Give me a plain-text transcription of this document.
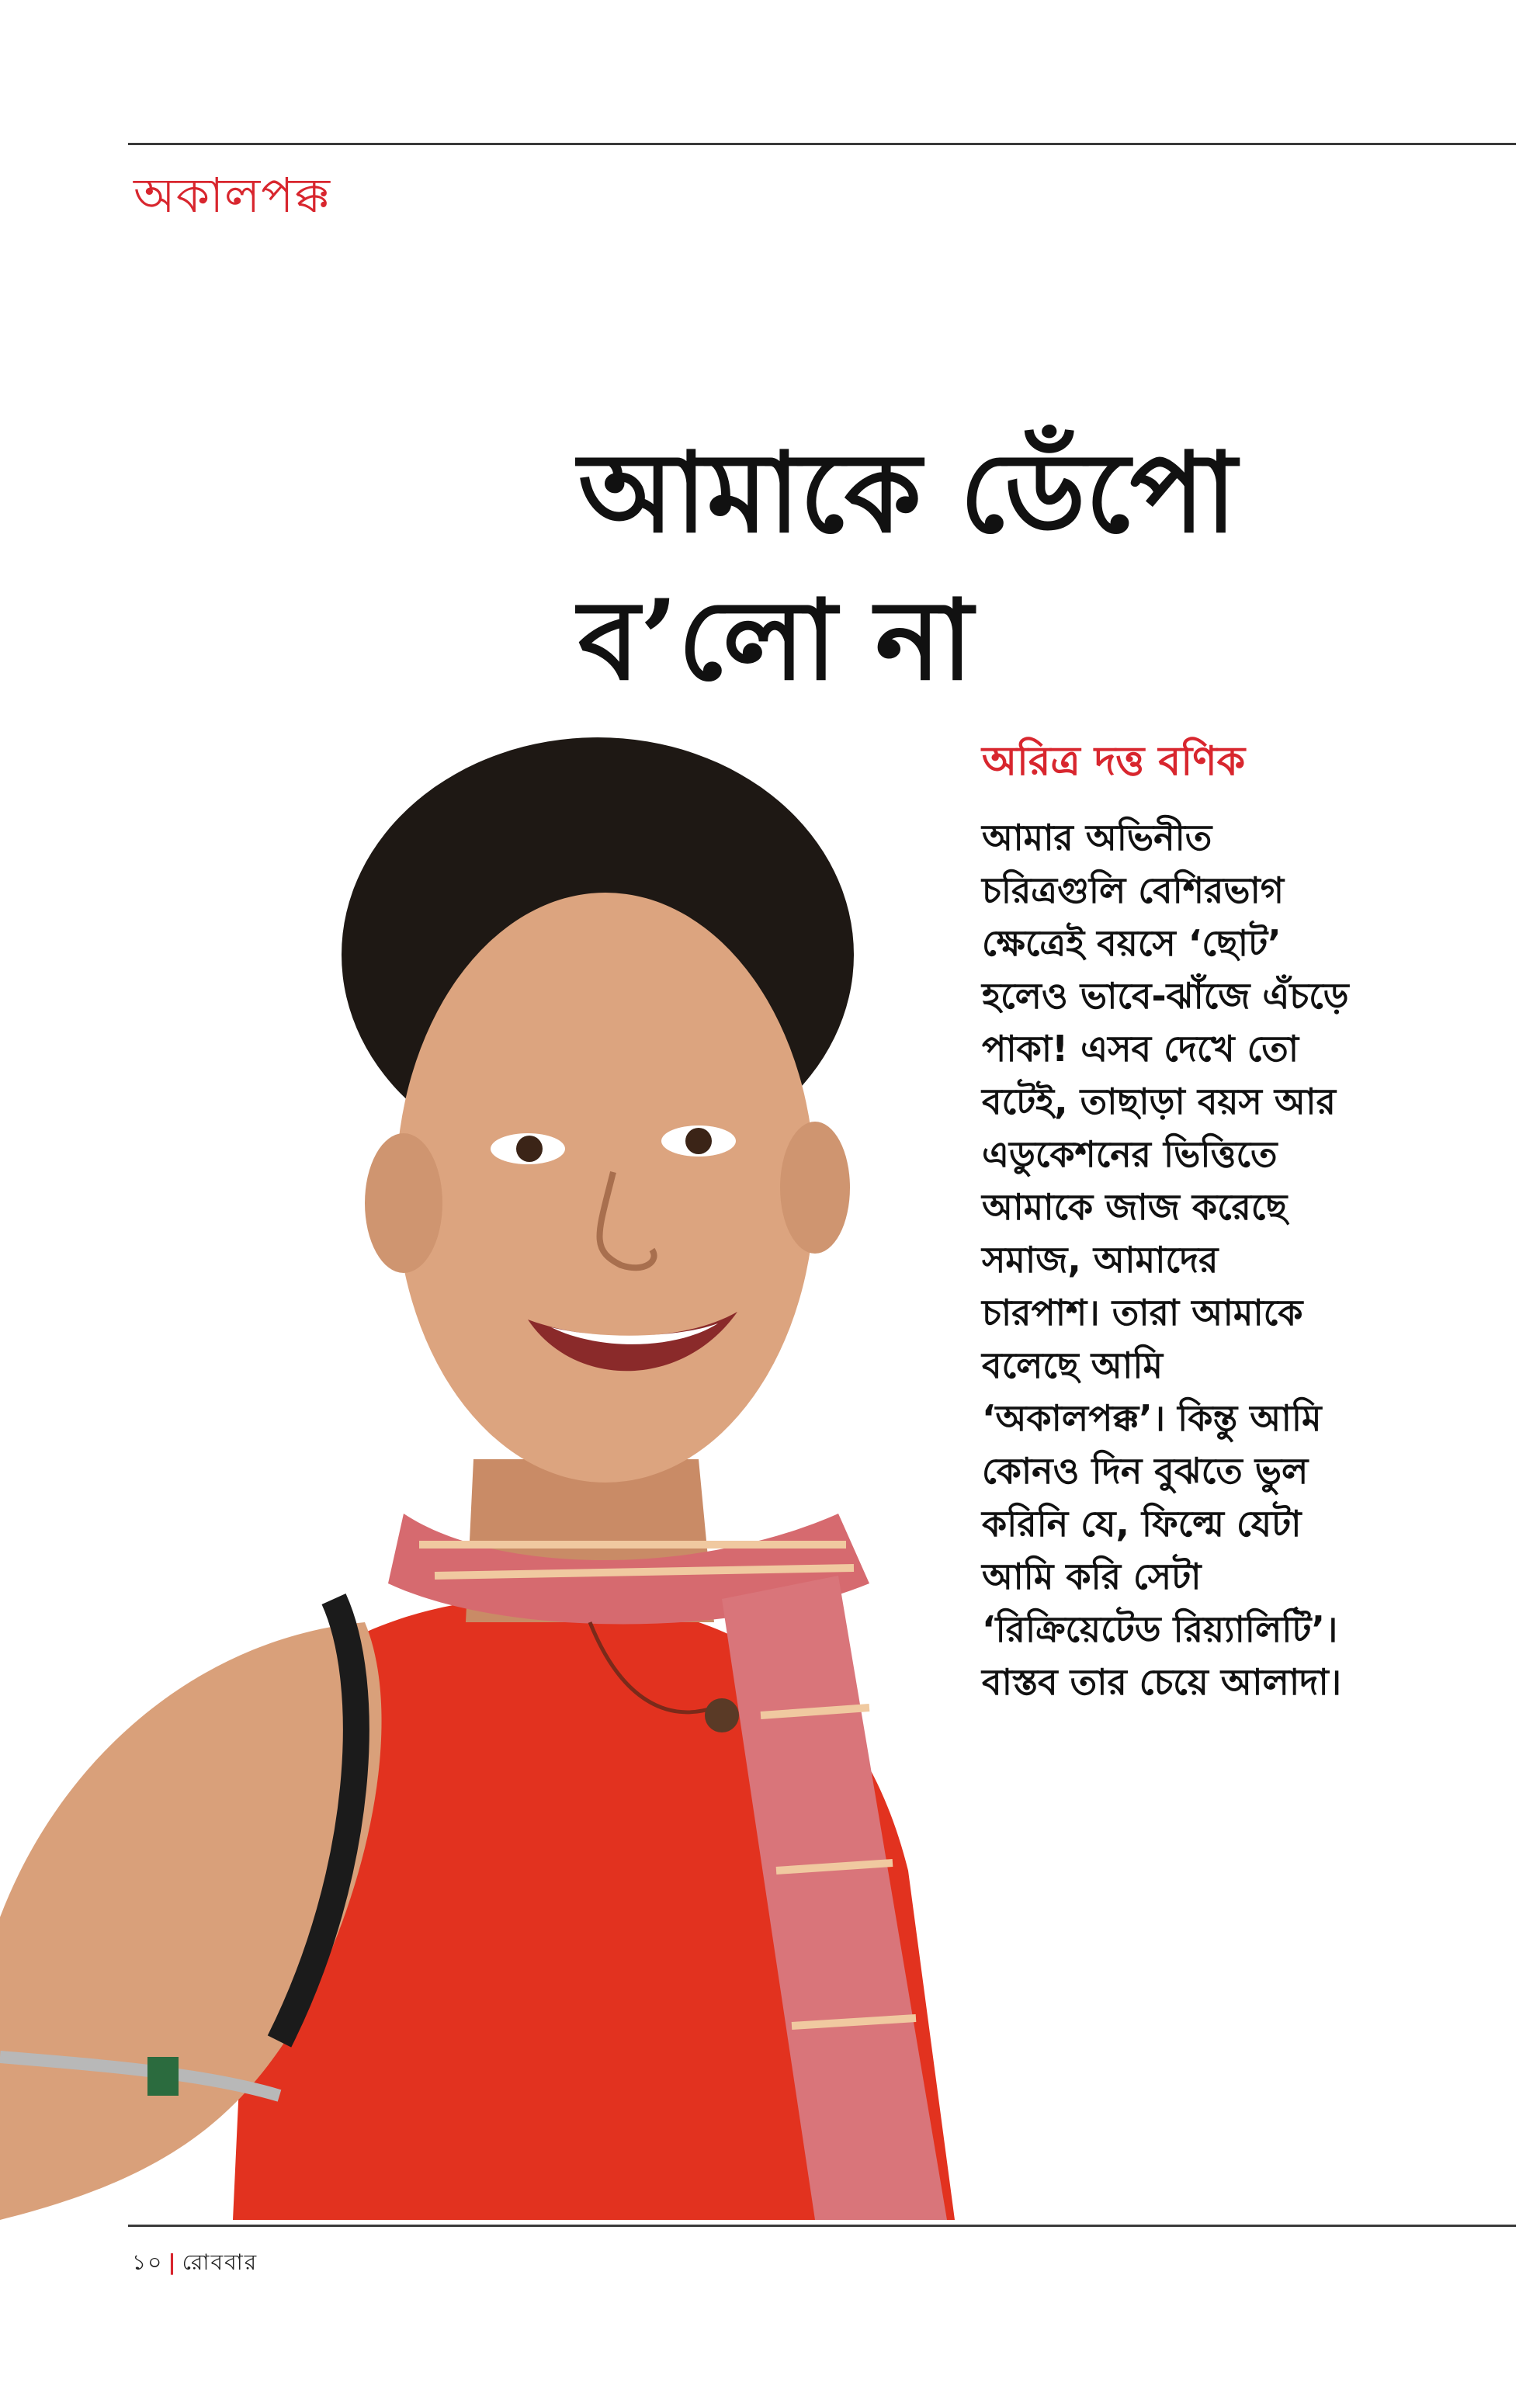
অকালপক্ক
আমাকে ডেঁপো
ব’লো না
অরিত্র দত্ত বণিক
আমার অভিনীত
চরিত্রগুলি বেশিরভাগ
ক্ষেত্রেই বয়সে ‘ছোট’
হলেও ভাবে-ঝাঁজে এঁচড়ে
পাকা! এসব দেখে তো
বটেই, তাছাড়া বয়স আর
এডুকেশনের ভিত্তিতে
আমাকে জাজ করেছে
সমাজ, আমাদের
চারপাশ। তারা আমাকে
বলেছে আমি
‘অকালপক্ক’। কিন্তু আমি
কোনও দিন বুঝতে ভুল
করিনি যে, ফিল্মে যেটা
আমি করি সেটা
‘রিক্রিয়েটেড রিয়্যালিটি’।
বাস্তব তার চেয়ে আলাদা।
১০ | রোববার
